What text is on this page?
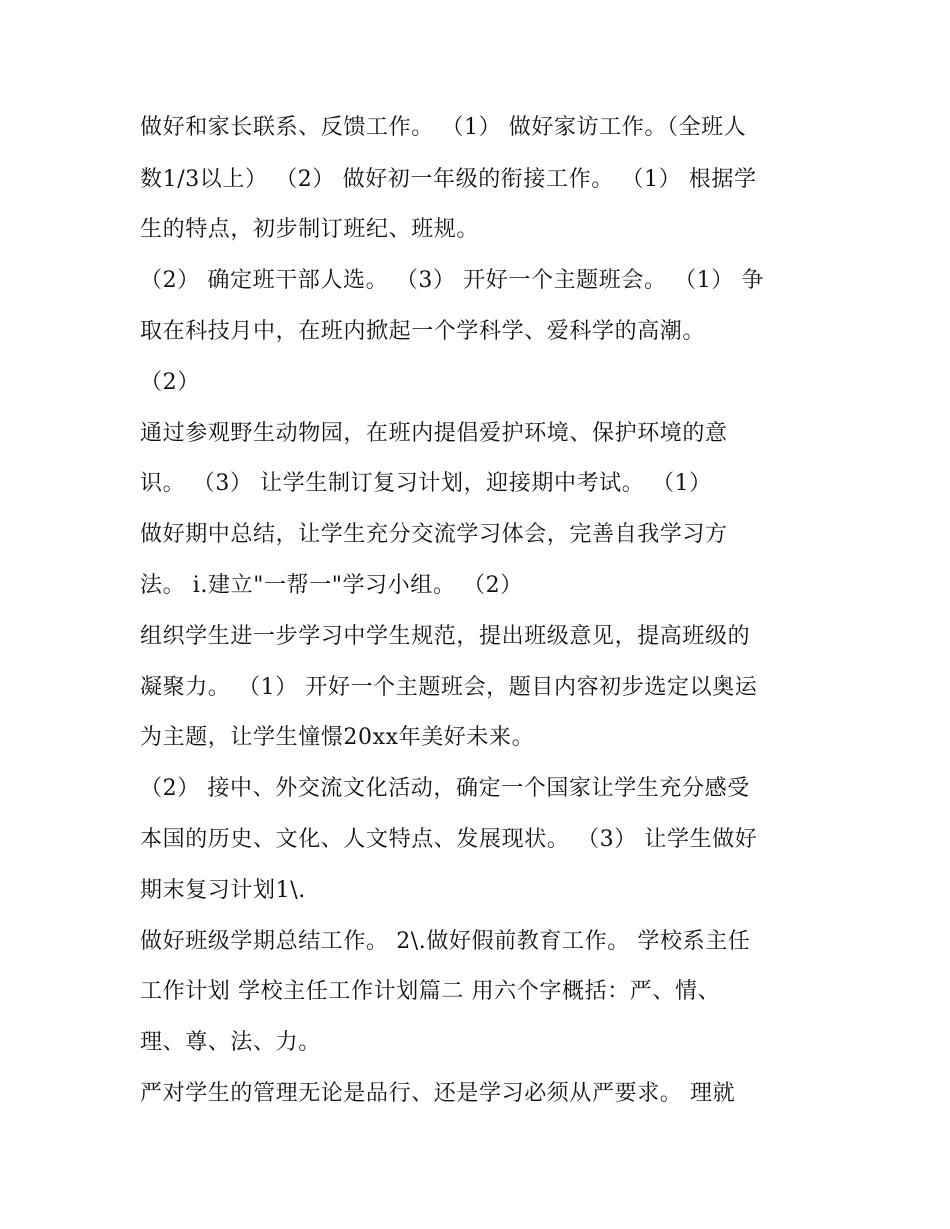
做好和家长联系、反馈工作。 （1） 做好家访工作。（全班人
数1/3以上） （2） 做好初一年级的衔接工作。 （1） 根据学
生的特点，初步制订班纪、班规。
（2） 确定班干部人选。 （3） 开好一个主题班会。 （1） 争
取在科技月中，在班内掀起一个学科学、爱科学的高潮。
（2）
通过参观野生动物园，在班内提倡爱护环境、保护环境的意
识。 （3） 让学生制订复习计划，迎接期中考试。 （1）
做好期中总结，让学生充分交流学习体会，完善自我学习方
法。 i.建立"一帮一"学习小组。 （2）
组织学生进一步学习中学生规范，提出班级意见，提高班级的
凝聚力。 （1） 开好一个主题班会，题目内容初步选定以奥运
为主题，让学生憧憬20xx年美好未来。
（2） 接中、外交流文化活动，确定一个国家让学生充分感受
本国的历史、文化、人文特点、发展现状。 （3） 让学生做好
期末复习计划1\.
做好班级学期总结工作。 2\.做好假前教育工作。 学校系主任
工作计划 学校主任工作计划篇二 用六个字概括：严、情、
理、尊、法、力。
严对学生的管理无论是品行、还是学习必须从严要求。 理就
